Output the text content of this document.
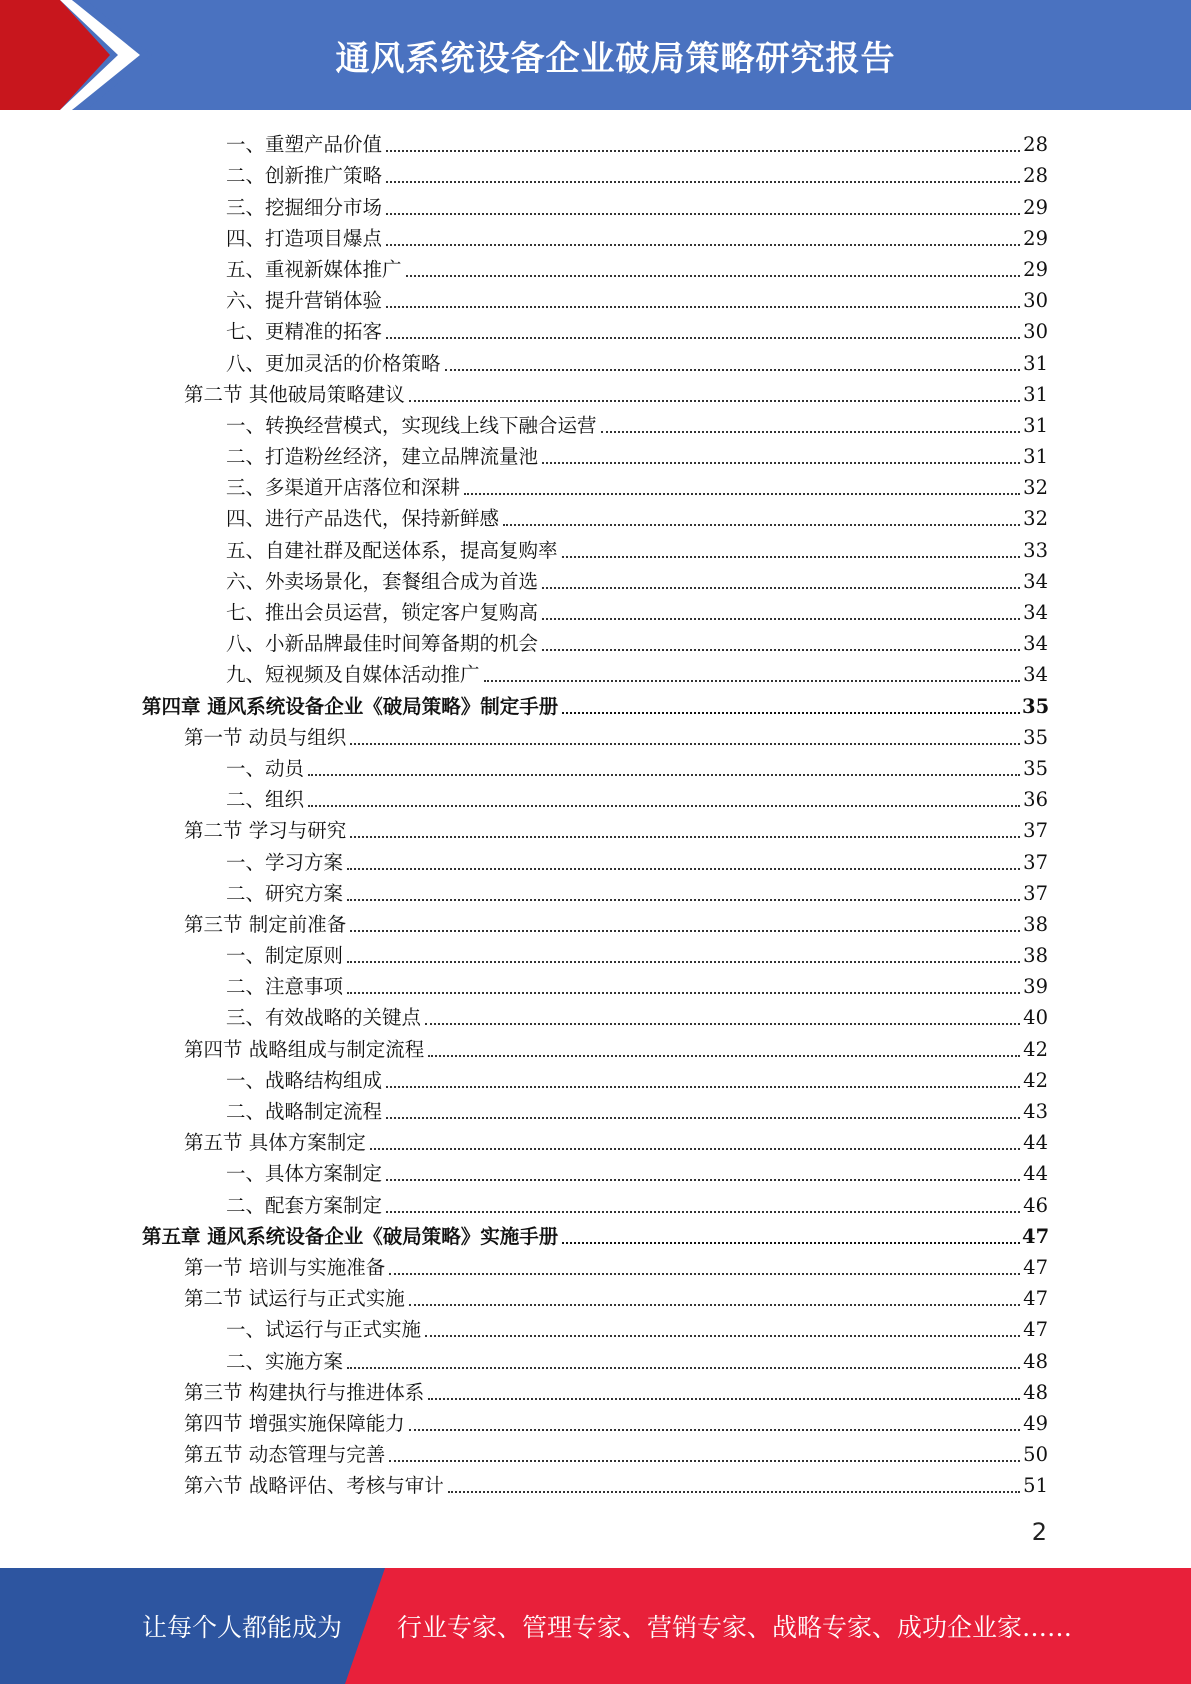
通风系统设备企业破局策略研究报告
一、重塑产品价值	28
二、创新推广策略	28
三、挖掘细分市场	29
四、打造项目爆点	29
五、重视新媒体推广	29
六、提升营销体验	30
七、更精准的拓客	30
八、更加灵活的价格策略	31
第二节 其他破局策略建议	31
一、转换经营模式，实现线上线下融合运营	31
二、打造粉丝经济，建立品牌流量池	31
三、多渠道开店落位和深耕	32
四、进行产品迭代，保持新鲜感	32
五、自建社群及配送体系，提高复购率	33
六、外卖场景化，套餐组合成为首选	34
七、推出会员运营，锁定客户复购高	34
八、小新品牌最佳时间筹备期的机会	34
九、短视频及自媒体活动推广	34
第四章 通风系统设备企业《破局策略》制定手册	35
第一节 动员与组织	35
一、动员	35
二、组织	36
第二节 学习与研究	37
一、学习方案	37
二、研究方案	37
第三节 制定前准备	38
一、制定原则	38
二、注意事项	39
三、有效战略的关键点	40
第四节 战略组成与制定流程	42
一、战略结构组成	42
二、战略制定流程	43
第五节 具体方案制定	44
一、具体方案制定	44
二、配套方案制定	46
第五章 通风系统设备企业《破局策略》实施手册	47
第一节 培训与实施准备	47
第二节 试运行与正式实施	47
一、试运行与正式实施	47
二、实施方案	48
第三节 构建执行与推进体系	48
第四节 增强实施保障能力	49
第五节 动态管理与完善	50
第六节 战略评估、考核与审计	51
2
让每个人都能成为 行业专家、管理专家、营销专家、战略专家、成功企业家……
